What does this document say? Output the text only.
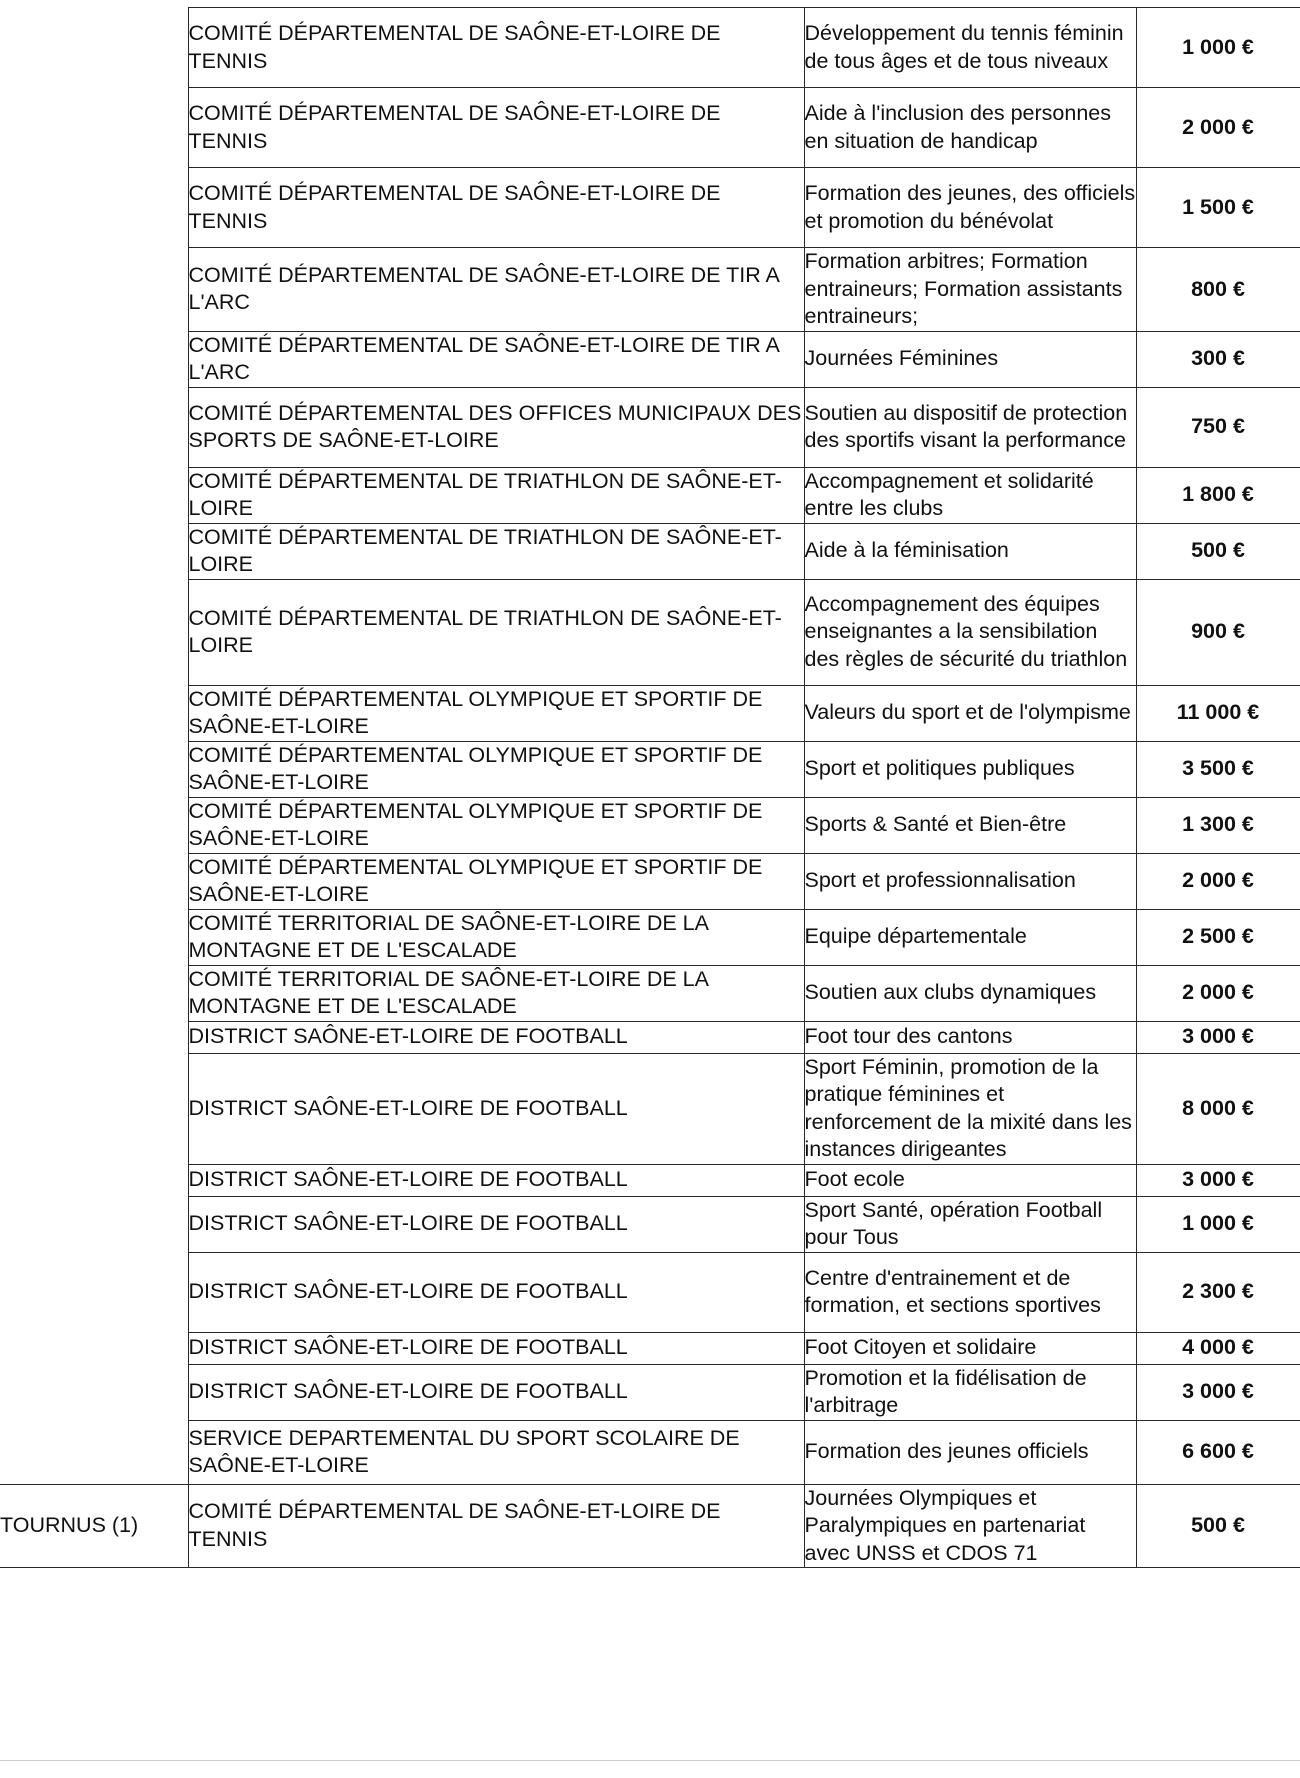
	COMITÉ DÉPARTEMENTAL DE SAÔNE-ET-LOIRE DE TENNIS	Développement du tennis féminin de tous âges et de tous niveaux	1 000 €
	COMITÉ DÉPARTEMENTAL DE SAÔNE-ET-LOIRE DE TENNIS	Aide à l'inclusion des personnes en situation de handicap	2 000 €
	COMITÉ DÉPARTEMENTAL DE SAÔNE-ET-LOIRE DE TENNIS	Formation des jeunes, des officiels et promotion du bénévolat	1 500 €
	COMITÉ DÉPARTEMENTAL DE SAÔNE-ET-LOIRE DE TIR A L'ARC	Formation arbitres; Formation entraineurs; Formation assistants entraineurs;	800 €
	COMITÉ DÉPARTEMENTAL DE SAÔNE-ET-LOIRE DE TIR A L'ARC	Journées Féminines	300 €
	COMITÉ DÉPARTEMENTAL DES OFFICES MUNICIPAUX DES SPORTS DE SAÔNE-ET-LOIRE	Soutien au dispositif de protection des sportifs visant la performance	750 €
	COMITÉ DÉPARTEMENTAL DE TRIATHLON DE SAÔNE-ET-LOIRE	Accompagnement et solidarité entre les clubs	1 800 €
	COMITÉ DÉPARTEMENTAL DE TRIATHLON DE SAÔNE-ET-LOIRE	Aide à la féminisation	500 €
	COMITÉ DÉPARTEMENTAL DE TRIATHLON DE SAÔNE-ET-LOIRE	Accompagnement des équipes enseignantes a la sensibilation des règles de sécurité du triathlon	900 €
	COMITÉ DÉPARTEMENTAL OLYMPIQUE ET SPORTIF DE SAÔNE-ET-LOIRE	Valeurs du sport et de l'olympisme	11 000 €
	COMITÉ DÉPARTEMENTAL OLYMPIQUE ET SPORTIF DE SAÔNE-ET-LOIRE	Sport et politiques publiques	3 500 €
	COMITÉ DÉPARTEMENTAL OLYMPIQUE ET SPORTIF DE SAÔNE-ET-LOIRE	Sports & Santé et Bien-être	1 300 €
	COMITÉ DÉPARTEMENTAL OLYMPIQUE ET SPORTIF DE SAÔNE-ET-LOIRE	Sport et professionnalisation	2 000 €
	COMITÉ TERRITORIAL DE SAÔNE-ET-LOIRE DE LA MONTAGNE ET DE L'ESCALADE	Equipe départementale	2 500 €
	COMITÉ TERRITORIAL DE SAÔNE-ET-LOIRE DE LA MONTAGNE ET DE L'ESCALADE	Soutien aux clubs dynamiques	2 000 €
	DISTRICT SAÔNE-ET-LOIRE DE FOOTBALL	Foot tour des cantons	3 000 €
	DISTRICT SAÔNE-ET-LOIRE DE FOOTBALL	Sport Féminin, promotion de la pratique féminines et renforcement de la mixité dans les instances dirigeantes	8 000 €
	DISTRICT SAÔNE-ET-LOIRE DE FOOTBALL	Foot ecole	3 000 €
	DISTRICT SAÔNE-ET-LOIRE DE FOOTBALL	Sport Santé, opération Football pour Tous	1 000 €
	DISTRICT SAÔNE-ET-LOIRE DE FOOTBALL	Centre d'entrainement et de formation, et sections sportives	2 300 €
	DISTRICT SAÔNE-ET-LOIRE DE FOOTBALL	Foot Citoyen et solidaire	4 000 €
	DISTRICT SAÔNE-ET-LOIRE DE FOOTBALL	Promotion et la fidélisation de l'arbitrage	3 000 €
	SERVICE DEPARTEMENTAL DU SPORT SCOLAIRE DE SAÔNE-ET-LOIRE	Formation des jeunes officiels	6 600 €
TOURNUS (1)	COMITÉ DÉPARTEMENTAL DE SAÔNE-ET-LOIRE DE TENNIS	Journées Olympiques et Paralympiques en partenariat avec UNSS et CDOS 71	500 €
